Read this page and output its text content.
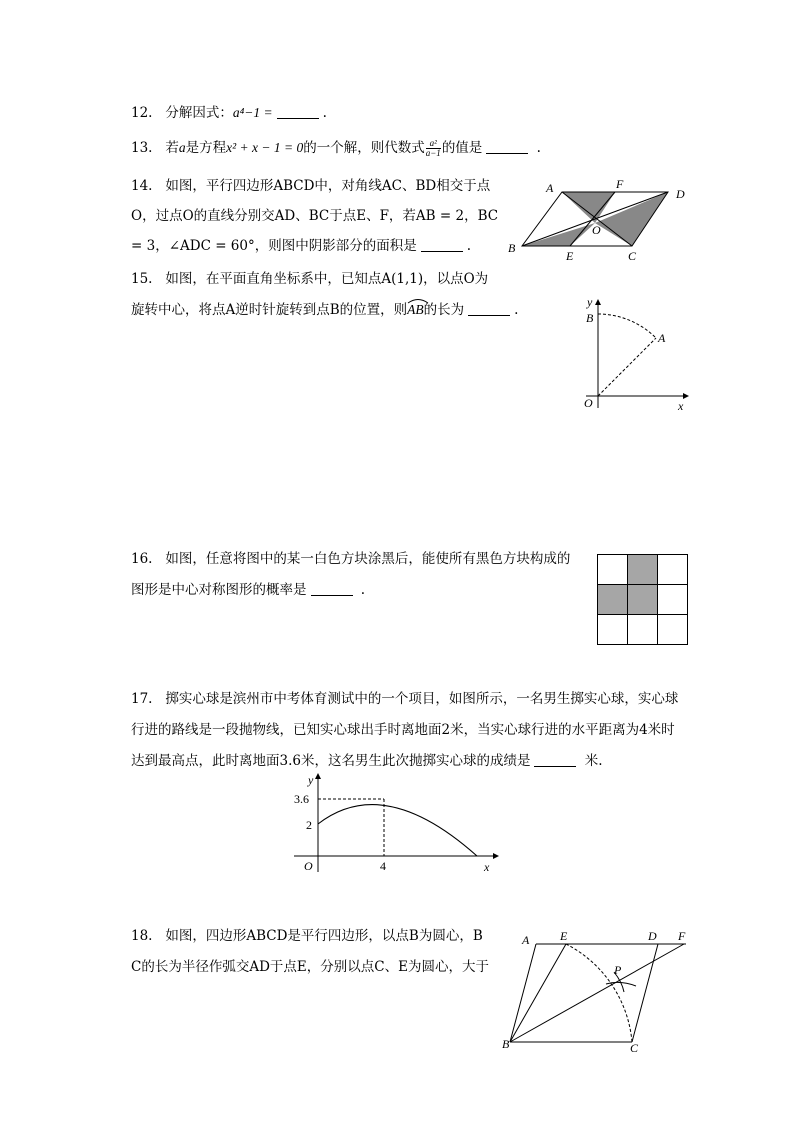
12. 分解因式：a⁴−1 =	.
13. 若a是方程x² + x − 1 = 0的一个解，则代数式 $\frac{\text{a²}}{a-1}$ 的值是	.
14. 如图，平行四边形ABCD中，对角线AC、BD相交于点
O，过点O的直线分别交AD、BC于点E、F，若AB = 2，BC
= 3，∠ADC = 60°，则图中阴影部分的面积是	.
A	F
D
O
B
E	C
15. 如图，在平面直角坐标系中，已知点A(1,1)，以点O为
旋转中心，将点A逆时针旋转到点B的位置，则
AB的长为	.	y
B
A
O	x
16. 如图，任意将图中的某一白色方块涂黑后，能使所有黑色方块构成的
图形是中心对称图形的概率是	.
17. 掷实心球是滨州市中考体育测试中的一个项目，如图所示，一名男生掷实心球，实心球
行进的路线是一段抛物线，已知实心球出手时离地面2米，当实心球行进的水平距离为4米时
达到最高点，此时离地面3.6米，这名男生此次抛掷实心球的成绩是	米.
y
3.6
2
O	4	x
18. 如图，四边形ABCD是平行四边形，以点B为圆心，B
C的长为半径作弧交AD于点E，分别以点C、E为圆心，大于
A	E	D F
P
B	C
